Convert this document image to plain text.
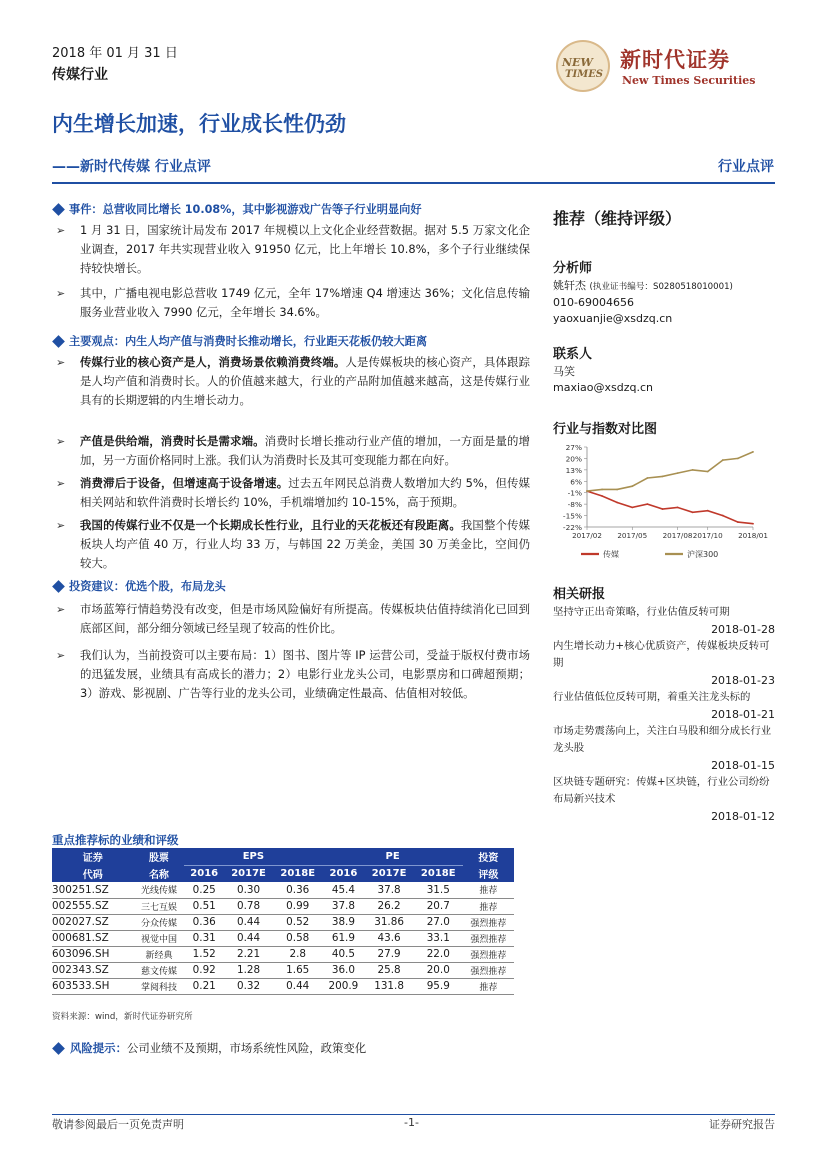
2018 年 01 月 31 日
传媒行业
NEW
TIMES
新时代证券
New Times Securities
内生增长加速，行业成长性仍劲
——新时代传媒 行业点评	行业点评
事件：总营收同比增长 10.08%，其中影视游戏广告等子行业明显向好
➢	1 月 31 日，国家统计局发布 2017 年规模以上文化企业经营数据。据对 5.5 万家文化企业调查，2017 年共实现营业收入 91950 亿元，比上年增长 10.8%，多个子行业继续保持较快增长。
➢	其中，广播电视电影总营收 1749 亿元，全年 17%增速 Q4 增速达 36%；文化信息传输服务业营业收入 7990 亿元，全年增长 34.6%。
主要观点：内生人均产值与消费时长推动增长，行业距天花板仍较大距离
➢	传媒行业的核心资产是人，消费场景依赖消费终端。人是传媒板块的核心资产，具体跟踪是人均产值和消费时长。人的价值越来越大，行业的产品附加值越来越高，这是传媒行业具有的长期逻辑的内生增长动力。
➢	产值是供给端，消费时长是需求端。消费时长增长推动行业产值的增加，一方面是量的增加，另一方面价格同时上涨。我们认为消费时长及其可变现能力都在向好。
➢	消费滞后于设备，但增速高于设备增速。过去五年网民总消费人数增加大约 5%，但传媒相关网站和软件消费时长增长约 10%，手机端增加约 10-15%，高于预期。
➢	我国的传媒行业不仅是一个长期成长性行业，且行业的天花板还有段距离。我国整个传媒板块人均产值 40 万，行业人均 33 万，与韩国 22 万美金，美国 30 万美金比，空间仍较大。
投资建议：优选个股，布局龙头
➢	市场蓝筹行情趋势没有改变，但是市场风险偏好有所提高。传媒板块估值持续消化已回到底部区间，部分细分领域已经呈现了较高的性价比。
➢	我们认为，当前投资可以主要布局：1）图书、图片等 IP 运营公司，受益于版权付费市场的迅猛发展，业绩具有高成长的潜力；2）电影行业龙头公司，电影票房和口碑超预期；3）游戏、影视剧、广告等行业的龙头公司，业绩确定性最高、估值相对较低。
推荐（维持评级）
分析师
姚轩杰 (执业证书编号：S0280518010001)
010-69004656
yaoxuanjie@xsdzq.cn
联系人
马笑
maxiao@xsdzq.cn
行业与指数对比图
27%
20%
13%
6%
-1%
-8%
-15%
-22%
2017/02 2017/05 2017/08 2017/10 2018/01
传媒	沪深300
相关研报
坚持守正出奇策略，行业估值反转可期
2018-01-28
内生增长动力+核心优质资产，传媒板块反转可期
2018-01-23
行业估值低位反转可期，着重关注龙头标的
2018-01-21
市场走势震荡向上，关注白马股和细分成长行业龙头股
2018-01-15
区块链专题研究：传媒+区块链，行业公司纷纷布局新兴技术
2018-01-12
重点推荐标的业绩和评级
证券	股票	EPS			PE			投资
代码	名称	2016	2017E	2018E	2016	2017E	2018E	评级
300251.SZ	光线传媒	0.25	0.30	0.36	45.4	37.8	31.5	推荐
002555.SZ	三七互娱	0.51	0.78	0.99	37.8	26.2	20.7	推荐
002027.SZ	分众传媒	0.36	0.44	0.52	38.9	31.86	27.0	强烈推荐
000681.SZ	视觉中国	0.31	0.44	0.58	61.9	43.6	33.1	强烈推荐
603096.SH	新经典	1.52	2.21	2.8	40.5	27.9	22.0	强烈推荐
002343.SZ	慈文传媒	0.92	1.28	1.65	36.0	25.8	20.0	强烈推荐
603533.SH	掌阅科技	0.21	0.32	0.44	200.9	131.8	95.9	推荐
资料来源：wind，新时代证券研究所
风险提示： 公司业绩不及预期，市场系统性风险，政策变化
敬请参阅最后一页免责声明	-1-	证券研究报告
